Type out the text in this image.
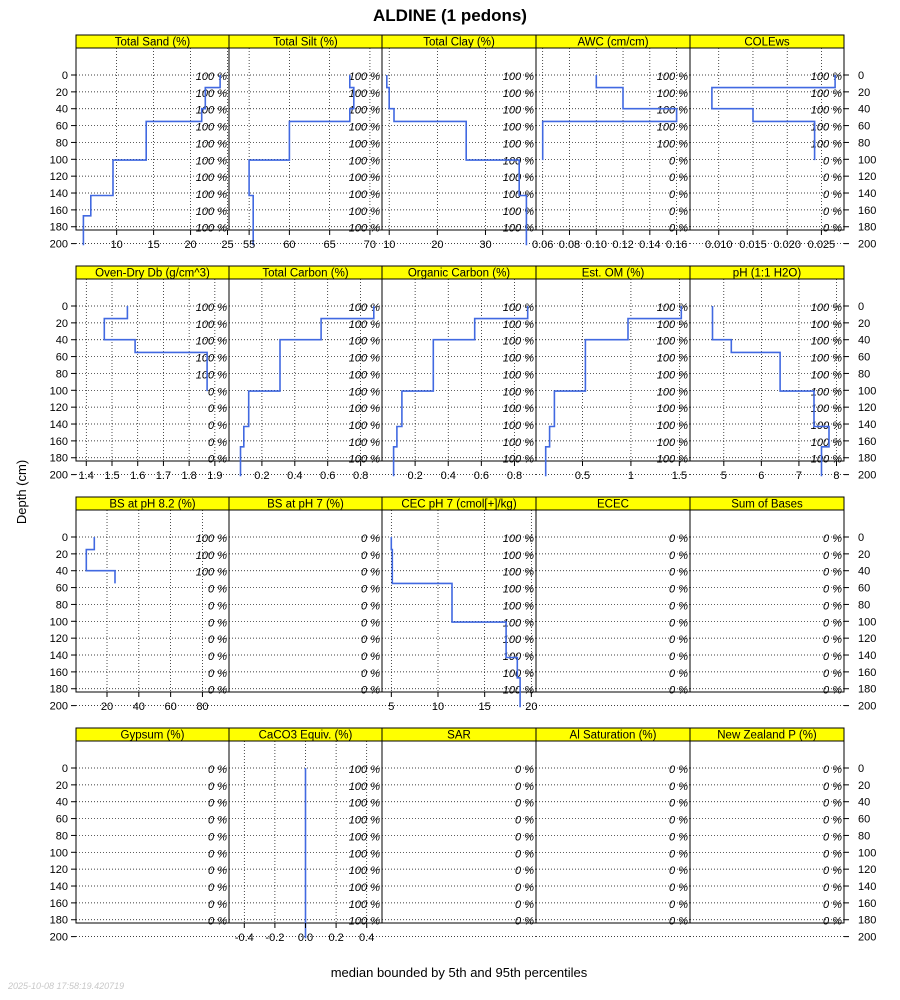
ALDINE (1 pedons)
Total Sand (%)
100 %
100 %
100 %
100 %
100 %
100 %
100 %
100 %
100 %
100 %
10 15 20 25
0
20
40
60
80
100
120
140
160
180
200
Total Silt (%)
100 %
100 %
100 %
100 %
100 %
100 %
100 %
100 %
100 %
100 %
55	60	65	70
Total Clay (%)
100 %
100 %
100 %
100 %
100 %
100 %
100 %
100 %
100 %
100 %
10	20	30
AWC (cm/cm)
100 %
100 %
100 %
100 %
100 %
0 %
0 %
0 %
0 %
0 %
0.06 0.08 0.10 0.12 0.14 0.16
COLEws
100 %
100 %
100 %
100 %
100 %
0 %
0 %
0 %
0 %
0 %
0.010 0.015 0.020 0.025
0
20
40
60
80
100
120
140
160
180
200
Oven-Dry Db (g/cm^3)
100 %
100 %
100 %
100 %
100 %
0 %
0 %
0 %
0 %
0 %
1.4 1.5 1.6 1.7 1.8 1.9
0
20
40
60
80
100
120
140
160
180
200
Total Carbon (%)
100 %
100 %
100 %
100 %
100 %
100 %
100 %
100 %
100 %
100 %
0.2 0.4 0.6 0.8
Organic Carbon (%)
100 %
100 %
100 %
100 %
100 %
100 %
100 %
100 %
100 %
100 %
0.2 0.4 0.6 0.8
Est. OM (%)
100 %
100 %
100 %
100 %
100 %
100 %
100 %
100 %
100 %
100 %
0.5	1	1.5
pH (1:1 H2O)
100 %
100 %
100 %
100 %
100 %
100 %
100 %
100 %
100 %
100 %
5	6	7	8
0
20
40
60
80
100
120
140
160
180
200
BS at pH 8.2 (%)
100 %
100 %
100 %
0 %
0 %
0 %
0 %
0 %
0 %
0 %
20 40 60 80
0
20
40
60
80
100
120
140
160
180
200
BS at pH 7 (%)
0 %
0 %
0 %
0 %
0 %
0 %
0 %
0 %
0 %
0 %
CEC pH 7 (cmol[+]/kg)
100 %
100 %
100 %
100 %
100 %
100 %
100 %
100 %
100 %
100 %
5	10	15	20
ECEC
0 %
0 %
0 %
0 %
0 %
0 %
0 %
0 %
0 %
0 %
Sum of Bases
0 %
0 %
0 %
0 %
0 %
0 %
0 %
0 %
0 %
0 %
0
20
40
60
80
100
120
140
160
180
200
Gypsum (%)
0 %
0 %
0 %
0 %
0 %
0 %
0 %
0 %
0 %
0 %
0
20
40
60
80
100
120
140
160
180
200
CaCO3 Equiv. (%)
100 %
100 %
100 %
100 %
100 %
100 %
100 %
100 %
100 %
100 %
-0.4 -0.2 0.0 0.2 0.4
SAR
0 %
0 %
0 %
0 %
0 %
0 %
0 %
0 %
0 %
0 %
Al Saturation (%)
0 %
0 %
0 %
0 %
0 %
0 %
0 %
0 %
0 %
0 %
New Zealand P (%)
0 %
0 %
0 %
0 %
0 %
0 %
0 %
0 %
0 %
0 %
0
20
40
60
80
100
120
140
160
180
200
Depth (cm)
median bounded by 5th and 95th percentiles
2025-10-08 17:58:19.420719
